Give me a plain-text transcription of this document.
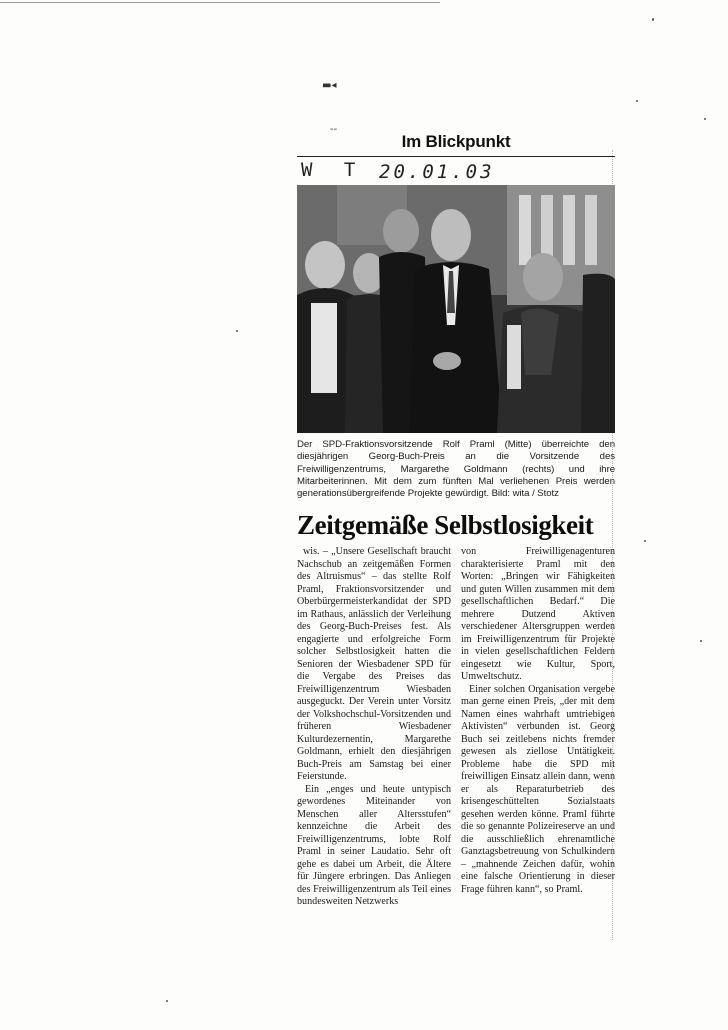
▬◂
‑‑
Im Blickpunkt
W T 20.01.03
Der SPD-Fraktionsvorsitzende Rolf Praml (Mitte) überreichte den diesjährigen Georg-Buch-Preis an die Vorsitzende des Freiwilligenzentrums, Margarethe Goldmann (rechts) und ihre Mitarbeiterinnen. Mit dem zum fünften Mal verliehenen Preis werden generationsübergreifende Projekte gewürdigt. Bild: wita / Stotz
Zeitgemäße Selbstlosigkeit

wis. – „Unsere Gesellschaft braucht Nachschub an zeitgemäßen Formen des Altruismus“ – das stellte Rolf Praml, Fraktionsvorsitzender und Oberbürgermeisterkandidat der SPD im Rathaus, anlässlich der Verleihung des Georg-Buch-Preises fest. Als engagierte und erfolgreiche Form solcher Selbstlosigkeit hatten die Senioren der Wiesbadener SPD für die Vergabe des Preises das Freiwilligenzentrum Wiesbaden ausgeguckt. Der Verein unter Vorsitz der Volkshochschul-Vorsitzenden und früheren Wiesbadener Kulturdezernentin, Margarethe Goldmann, erhielt den diesjährigen Buch-Preis am Samstag bei einer Feierstunde.

Ein „enges und heute untypisch gewordenes Miteinander von Menschen aller Altersstufen“ kennzeichne die Arbeit des Freiwilligenzentrums, lobte Rolf Praml in seiner Laudatio. Sehr oft gehe es dabei um Arbeit, die Ältere für Jüngere erbringen. Das Anliegen des Freiwilligenzentrum als Teil eines bundesweiten Netzwerks

von Freiwilligenagenturen charakterisierte Praml mit den Worten: „Bringen wir Fähigkeiten und guten Willen zusammen mit dem gesellschaftlichen Bedarf.“ Die mehrere Dutzend Aktiven verschiedener Altersgruppen werden im Freiwilligenzentrum für Projekte in vielen gesellschaftlichen Feldern eingesetzt wie Kultur, Sport, Umweltschutz.

Einer solchen Organisation vergebe man gerne einen Preis, „der mit dem Namen eines wahrhaft umtriebigen Aktivisten“ verbunden ist. Georg Buch sei zeitlebens nichts fremder gewesen als ziellose Untätigkeit. Probleme habe die SPD mit freiwilligen Einsatz allein dann, wenn er als Reparaturbetrieb des krisengeschüttelten Sozialstaats gesehen werden könne. Praml führte die so genannte Polizeireserve an und die ausschließlich ehrenamtliche Ganztagsbetreuung von Schulkindern – „mahnende Zeichen dafür, wohin eine falsche Orientierung in dieser Frage führen kann“, so Praml.
